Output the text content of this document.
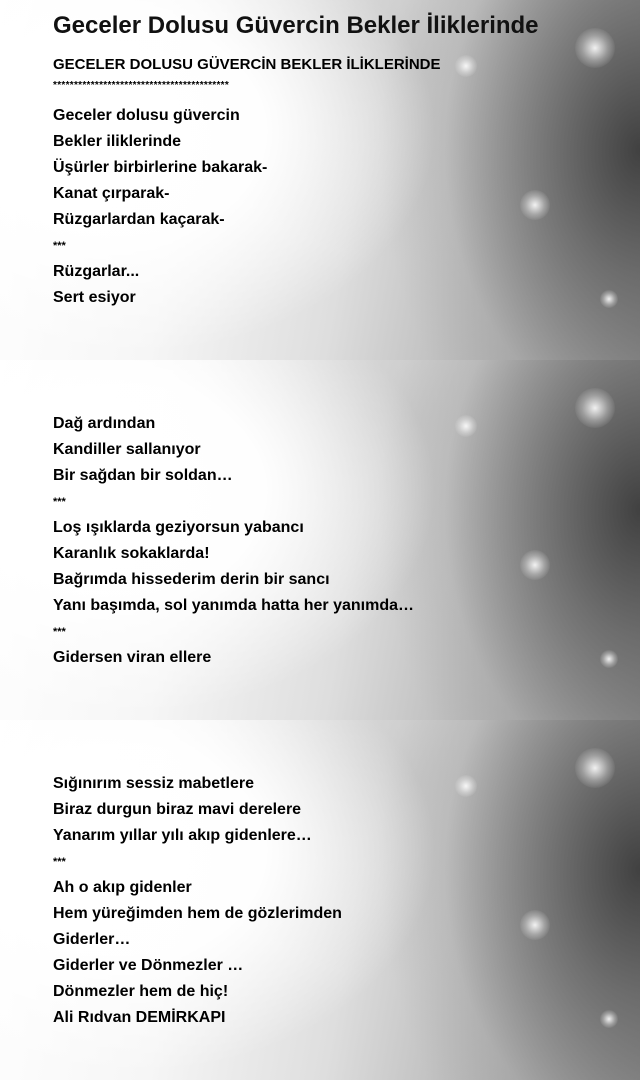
Geceler Dolusu Güvercin Bekler İliklerinde
GECELER DOLUSU GÜVERCİN BEKLER İLİKLERİNDE
******************************************
Geceler dolusu güvercin
Bekler iliklerinde
Üşürler birbirlerine bakarak-
Kanat çırparak-
Rüzgarlardan kaçarak-
***
Rüzgarlar...
Sert esiyor
Dağ ardından
Kandiller sallanıyor
Bir sağdan bir soldan…
***
Loş ışıklarda geziyorsun yabancı
Karanlık sokaklarda!
Bağrımda hissederim derin bir sancı
Yanı başımda, sol yanımda hatta her yanımda…
***
Gidersen viran ellere
Sığınırım sessiz mabetlere
Biraz durgun biraz mavi derelere
Yanarım yıllar yılı akıp gidenlere…
***
Ah o akıp gidenler
Hem yüreğimden hem de gözlerimden
Giderler…
Giderler ve Dönmezler …
Dönmezler hem de hiç!
Ali Rıdvan DEMİRKAPI
